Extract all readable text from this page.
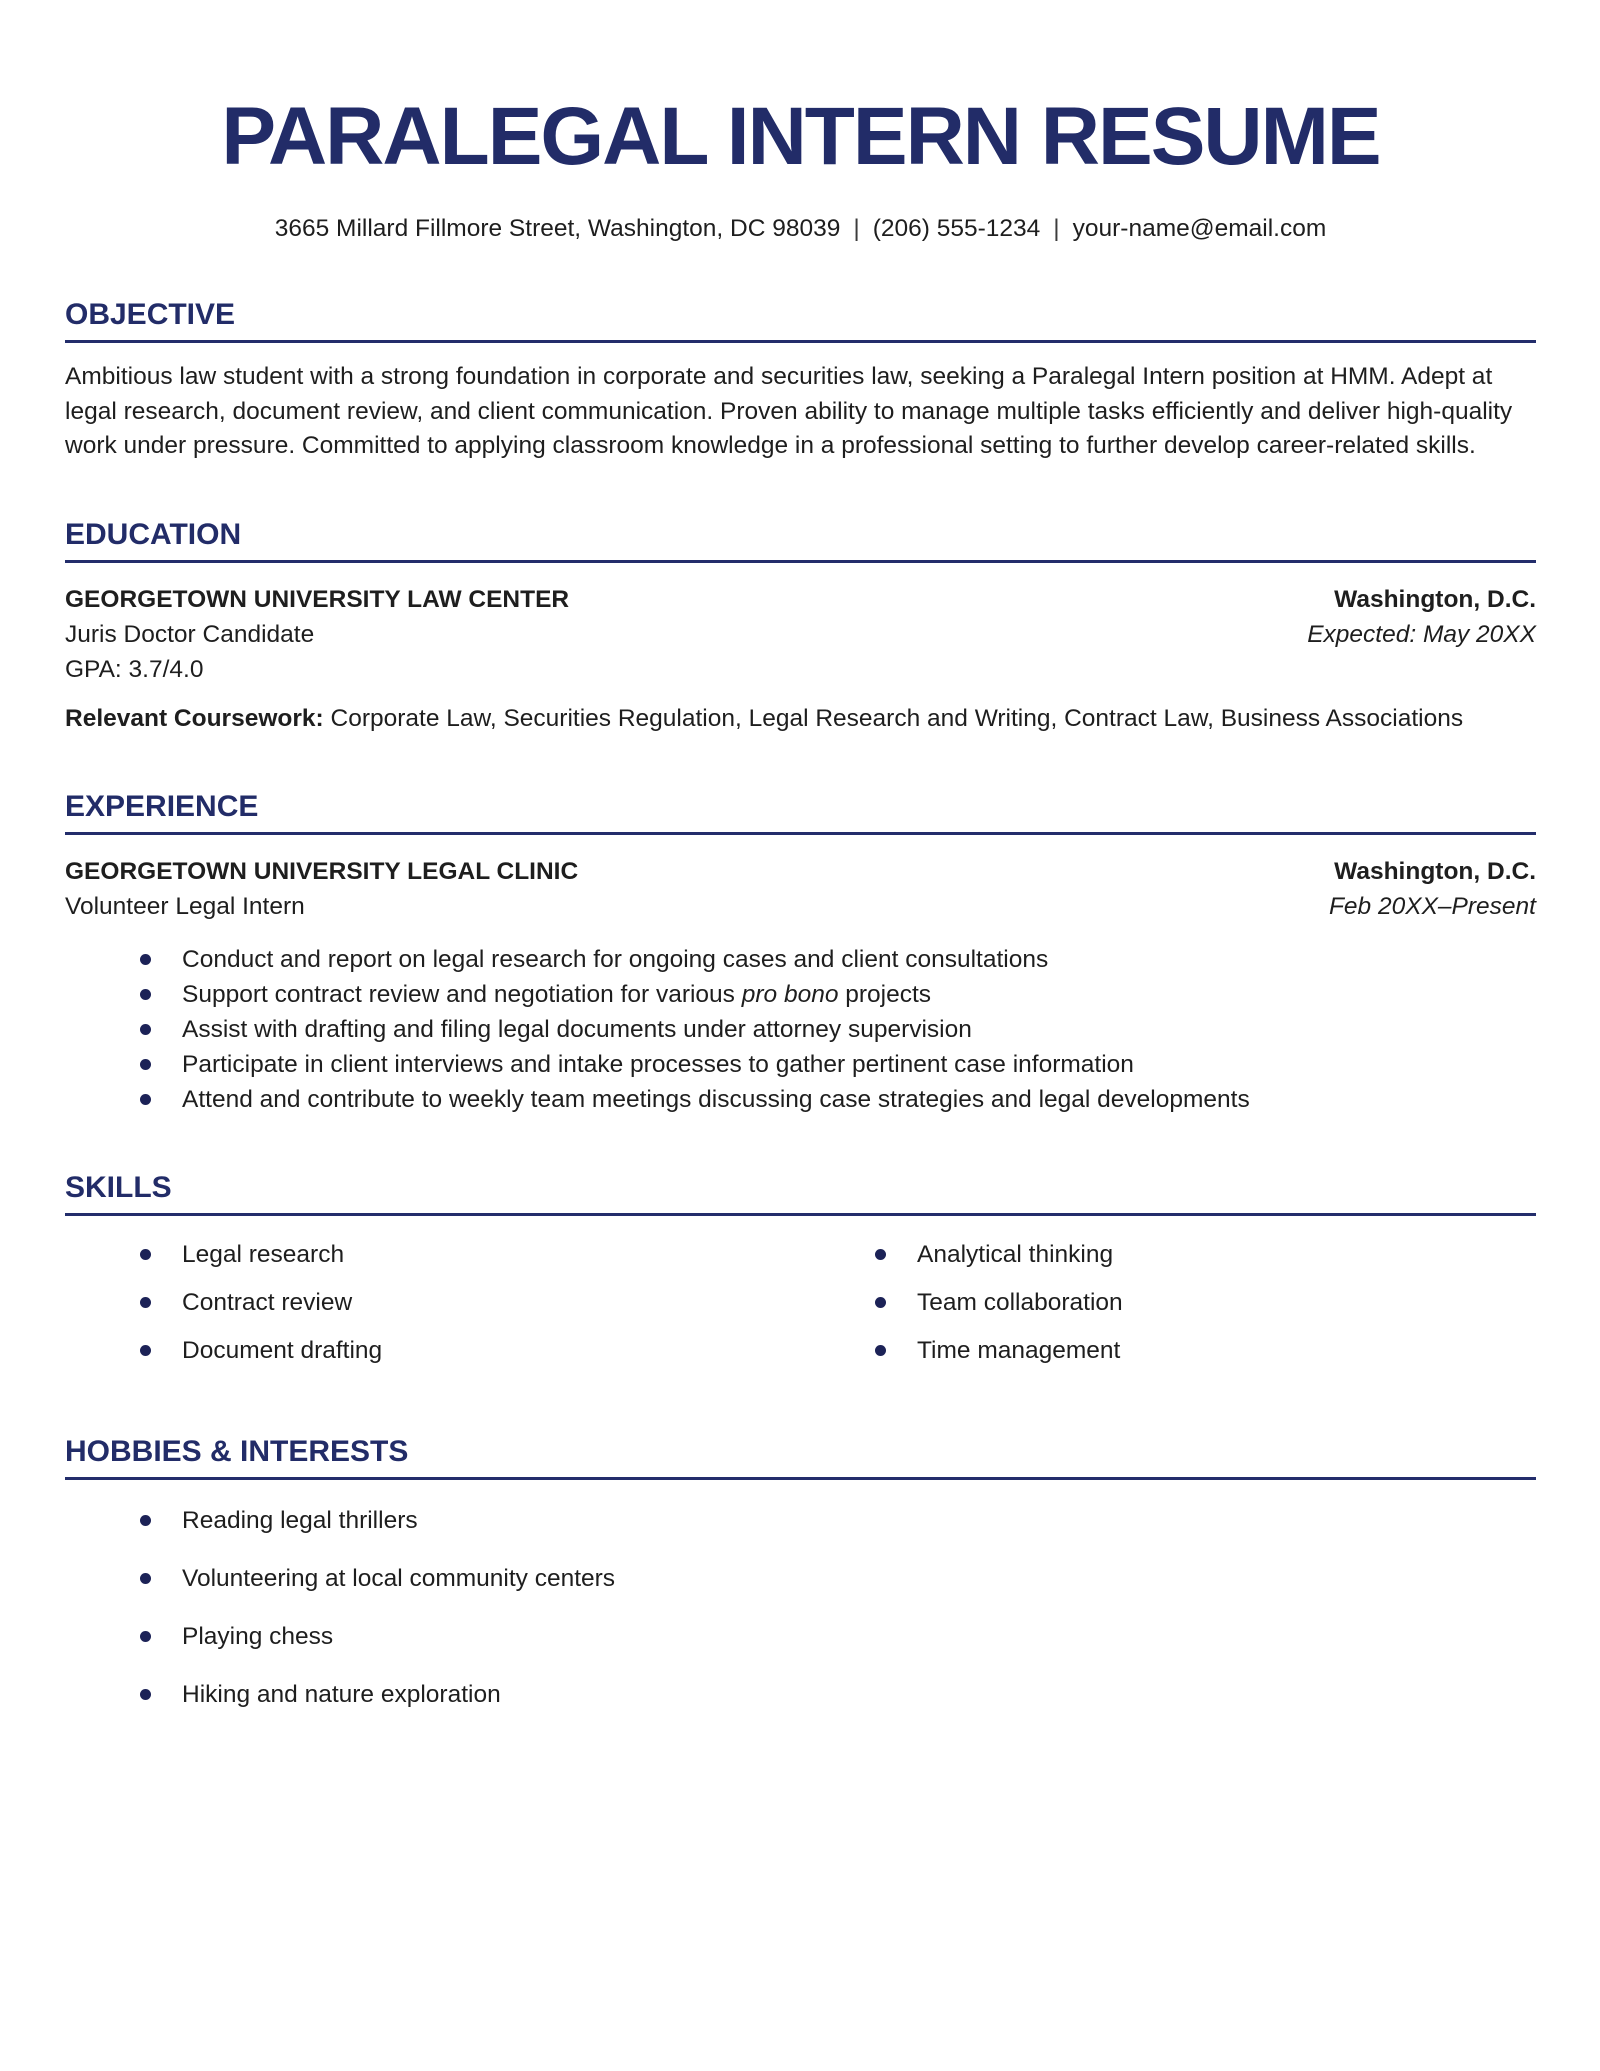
PARALEGAL INTERN RESUME
3665 Millard Fillmore Street, Washington, DC 98039 | (206) 555-1234 | your-name@email.com
OBJECTIVE

Ambitious law student with a strong foundation in corporate and securities law, seeking a Paralegal Intern position at HMM. Adept at legal research, document review, and client communication. Proven ability to manage multiple tasks efficiently and deliver high-quality work under pressure. Committed to applying classroom knowledge in a professional setting to further develop career-related skills.

EDUCATION
GEORGETOWN UNIVERSITY LAW CENTER	Washington, D.C.
Juris Doctor Candidate	Expected: May 20XX
GPA: 3.7/4.0

Relevant Coursework: Corporate Law, Securities Regulation, Legal Research and Writing, Contract Law, Business Associations

EXPERIENCE
GEORGETOWN UNIVERSITY LEGAL CLINIC	Washington, D.C.
Volunteer Legal Intern	Feb 20XX–Present
Conduct and report on legal research for ongoing cases and client consultations
Support contract review and negotiation for various pro bono projects
Assist with drafting and filing legal documents under attorney supervision
Participate in client interviews and intake processes to gather pertinent case information
Attend and contribute to weekly team meetings discussing case strategies and legal developments
SKILLS
Legal research
Contract review
Document drafting
Analytical thinking
Team collaboration
Time management
HOBBIES & INTERESTS
Reading legal thrillers
Volunteering at local community centers
Playing chess
Hiking and nature exploration
